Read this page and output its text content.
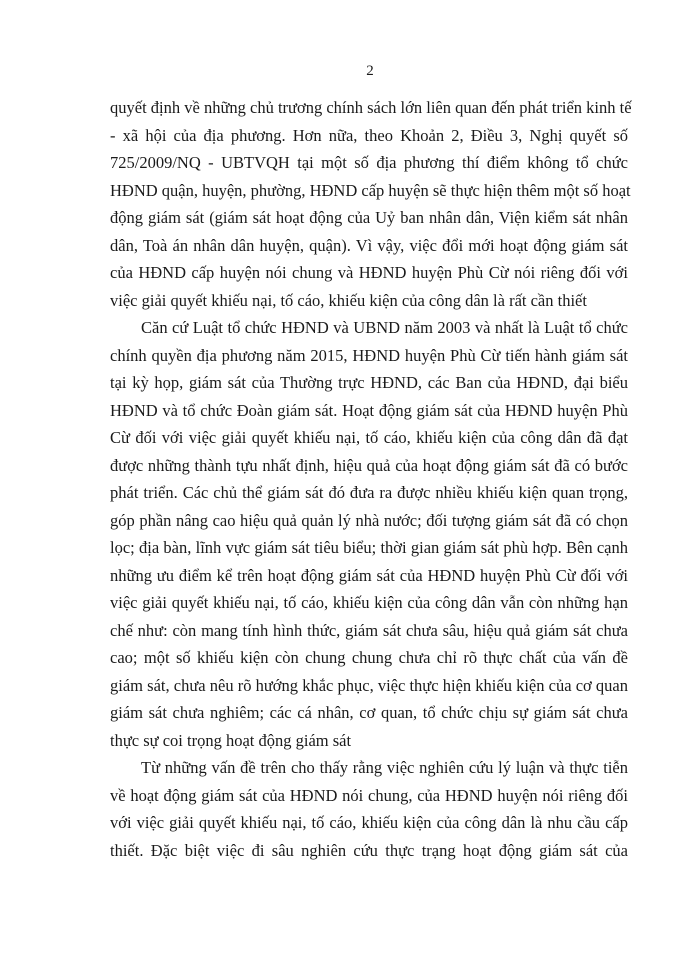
2

quyết định về những chủ trương chính sách lớn liên quan đến phát triển kinh tế
- xã hội của địa phương. Hơn nữa, theo Khoản 2, Điều 3, Nghị quyết số
725/2009/NQ - UBTVQH tại một số địa phương thí điểm không tổ chức
HĐND quận, huyện, phường, HĐND cấp huyện sẽ thực hiện thêm một số hoạt
động giám sát (giám sát hoạt động của Uỷ ban nhân dân, Viện kiểm sát nhân
dân, Toà án nhân dân huyện, quận). Vì vậy, việc đổi mới hoạt động giám sát
của HĐND cấp huyện nói chung và HĐND huyện Phù Cừ nói riêng đối với
việc giải quyết khiếu nại, tố cáo, khiếu kiện của công dân là rất cần thiết

Căn cứ Luật tổ chức HĐND và UBND năm 2003 và nhất là Luật tổ chức
chính quyền địa phương năm 2015, HĐND huyện Phù Cừ tiến hành giám sát
tại kỳ họp, giám sát của Thường trực HĐND, các Ban của HĐND, đại biểu
HĐND và tổ chức Đoàn giám sát. Hoạt động giám sát của HĐND huyện Phù
Cừ đối với việc giải quyết khiếu nại, tố cáo, khiếu kiện của công dân đã đạt
được những thành tựu nhất định, hiệu quả của hoạt động giám sát đã có bước
phát triển. Các chủ thể giám sát đó đưa ra được nhiều khiếu kiện quan trọng,
góp phần nâng cao hiệu quả quản lý nhà nước; đối tượng giám sát đã có chọn
lọc; địa bàn, lĩnh vực giám sát tiêu biểu; thời gian giám sát phù hợp. Bên cạnh
những ưu điểm kể trên hoạt động giám sát của HĐND huyện Phù Cừ đối với
việc giải quyết khiếu nại, tố cáo, khiếu kiện của công dân vẫn còn những hạn
chế như: còn mang tính hình thức, giám sát chưa sâu, hiệu quả giám sát chưa
cao; một số khiếu kiện còn chung chung chưa chỉ rõ thực chất của vấn đề
giám sát, chưa nêu rõ hướng khắc phục, việc thực hiện khiếu kiện của cơ quan
giám sát chưa nghiêm; các cá nhân, cơ quan, tổ chức chịu sự giám sát chưa
thực sự coi trọng hoạt động giám sát

Từ những vấn đề trên cho thấy rằng việc nghiên cứu lý luận và thực tiễn
về hoạt động giám sát của HĐND nói chung, của HĐND huyện nói riêng đối
với việc giải quyết khiếu nại, tố cáo, khiếu kiện của công dân là nhu cầu cấp
thiết. Đặc biệt việc đi sâu nghiên cứu thực trạng hoạt động giám sát của
